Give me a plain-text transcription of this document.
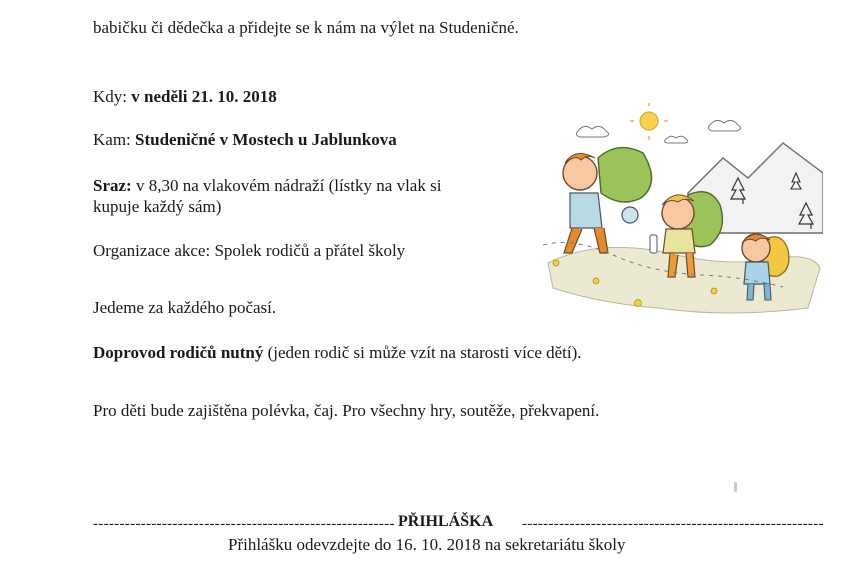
babičku či dědečka a přidejte se k nám na výlet na Studeničné.
Kdy: v neděli 21. 10. 2018
Kam: Studeničné v Mostech u Jablunkova
Sraz: v 8,30 na vlakovém nádraží (lístky na vlak si
kupuje každý sám)
Organizace akce: Spolek rodičů a přátel školy
Jedeme za každého počasí.
Doprovod rodičů nutný (jeden rodič si může vzít na starosti více dětí).
Pro děti bude zajištěna polévka, čaj. Pro všechny hry, soutěže, překvapení.
--------------------------------------------------------- PŘIHLÁŠKA ---------------------------------------------------------
Přihlášku odevzdejte do 16. 10. 2018 na sekretariátu školy
